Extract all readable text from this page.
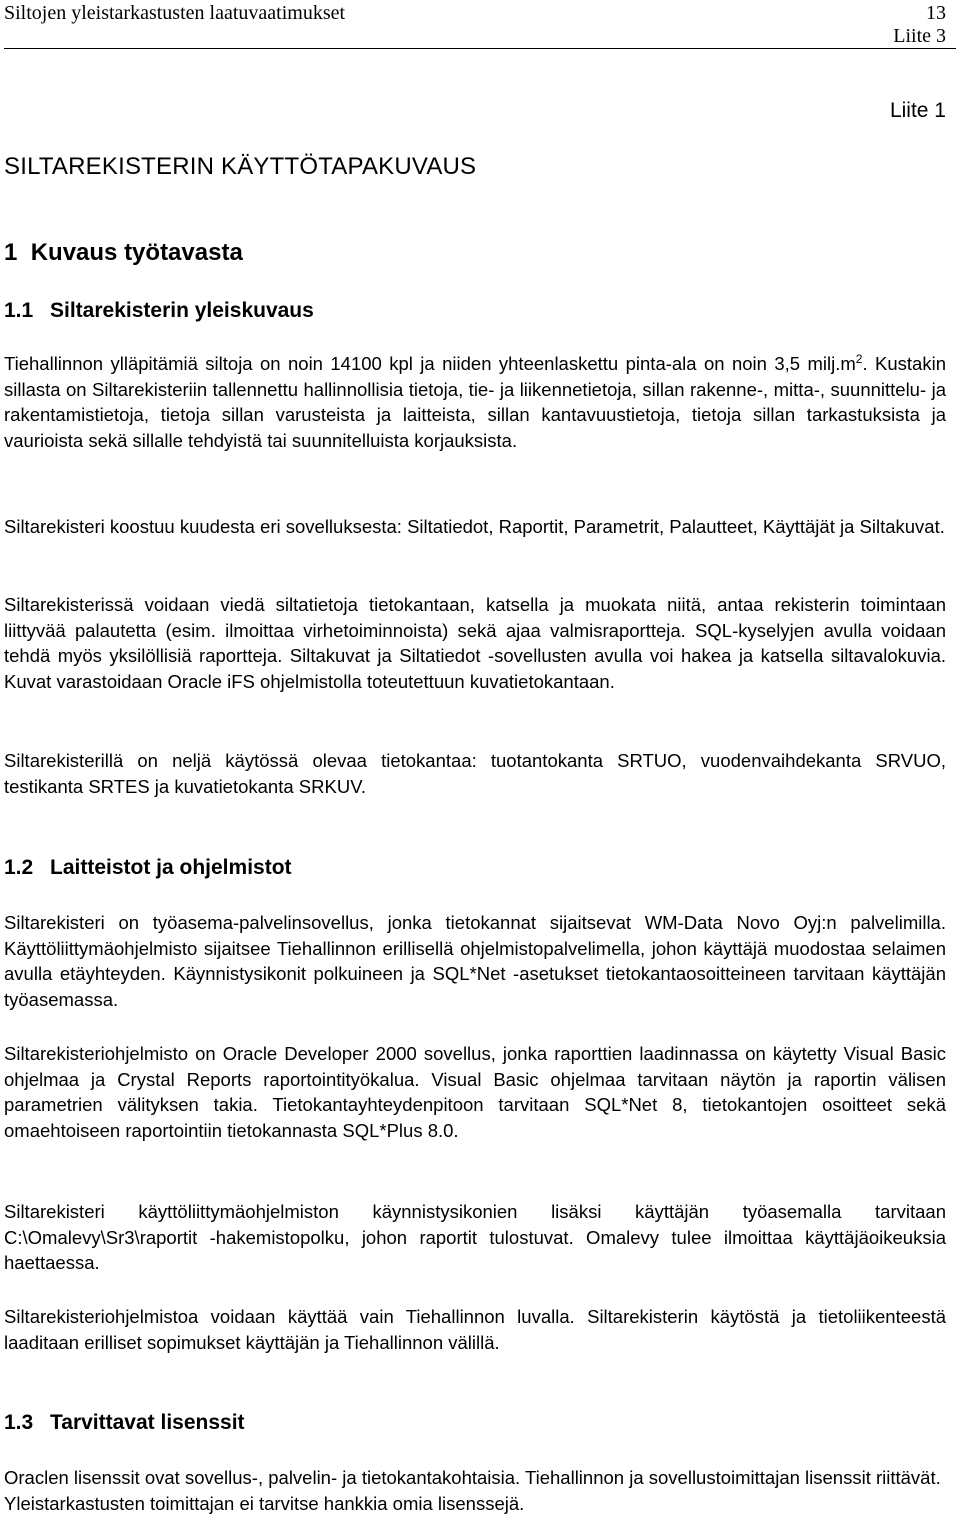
Siltojen yleistarkastusten laatuvaatimukset	13
Liite 3
Liite 1
SILTAREKISTERIN KÄYTTÖTAPAKUVAUS
1 Kuvaus työtavasta
1.1 Siltarekisterin yleiskuvaus

Tiehallinnon ylläpitämiä siltoja on noin 14100 kpl ja niiden yhteenlaskettu pinta-ala on noin 3,5 $milj.m^2$. Kustakin sillasta on Siltarekisteriin tallennettu hallinnollisia tietoja, tie- ja liikennetietoja, sillan rakenne-, mitta-, suunnittelu- ja rakentamistietoja, tietoja sillan varusteista ja laitteista, sillan kantavuustietoja, tietoja sillan tarkastuksista ja vaurioista sekä sillalle tehdyistä tai suunnitelluista korjauksista.

Siltarekisteri koostuu kuudesta eri sovelluksesta: Siltatiedot, Raportit, Parametrit, Palautteet, Käyttäjät ja Siltakuvat.

Siltarekisterissä voidaan viedä siltatietoja tietokantaan, katsella ja muokata niitä, antaa rekisterin toimintaan liittyvää palautetta (esim. ilmoittaa virhetoiminnoista) sekä ajaa valmisraportteja. SQL-kyselyjen avulla voidaan tehdä myös yksilöllisiä raportteja. Siltakuvat ja Siltatiedot -sovellusten avulla voi hakea ja katsella siltavalokuvia. Kuvat varastoidaan Oracle iFS ohjelmistolla toteutettuun kuvatietokantaan.

Siltarekisterillä on neljä käytössä olevaa tietokantaa: tuotantokanta SRTUO, vuodenvaihdekanta SRVUO, testikanta SRTES ja kuvatietokanta SRKUV.

1.2 Laitteistot ja ohjelmistot

Siltarekisteri on työasema-palvelinsovellus, jonka tietokannat sijaitsevat WM-Data Novo Oyj:n palvelimilla. Käyttöliittymäohjelmisto sijaitsee Tiehallinnon erillisellä ohjelmistopalvelimella, johon käyttäjä muodostaa selaimen avulla etäyhteyden. Käynnistysikonit polkuineen ja SQL*Net -asetukset tietokantaosoitteineen tarvitaan käyttäjän työasemassa.

Siltarekisteriohjelmisto on Oracle Developer 2000 sovellus, jonka raporttien laadinnassa on käytetty Visual Basic ohjelmaa ja Crystal Reports raportointityökalua. Visual Basic ohjelmaa tarvitaan näytön ja raportin välisen parametrien välityksen takia. Tietokantayhteydenpitoon tarvitaan SQL*Net 8, tietokantojen osoitteet sekä omaehtoiseen raportointiin tietokannasta SQL*Plus 8.0.

Siltarekisteri käyttöliittymäohjelmiston käynnistysikonien lisäksi käyttäjän työasemalla tarvitaan C:\Omalevy\Sr3\raportit -hakemistopolku, johon raportit tulostuvat. Omalevy tulee ilmoittaa käyttäjäoikeuksia haettaessa.

Siltarekisteriohjelmistoa voidaan käyttää vain Tiehallinnon luvalla. Siltarekisterin käytöstä ja tietoliikenteestä laaditaan erilliset sopimukset käyttäjän ja Tiehallinnon välillä.

1.3 Tarvittavat lisenssit

Oraclen lisenssit ovat sovellus-, palvelin- ja tietokantakohtaisia. Tiehallinnon ja sovellustoimittajan lisenssit riittävät. Yleistarkastusten toimittajan ei tarvitse hankkia omia lisenssejä.
